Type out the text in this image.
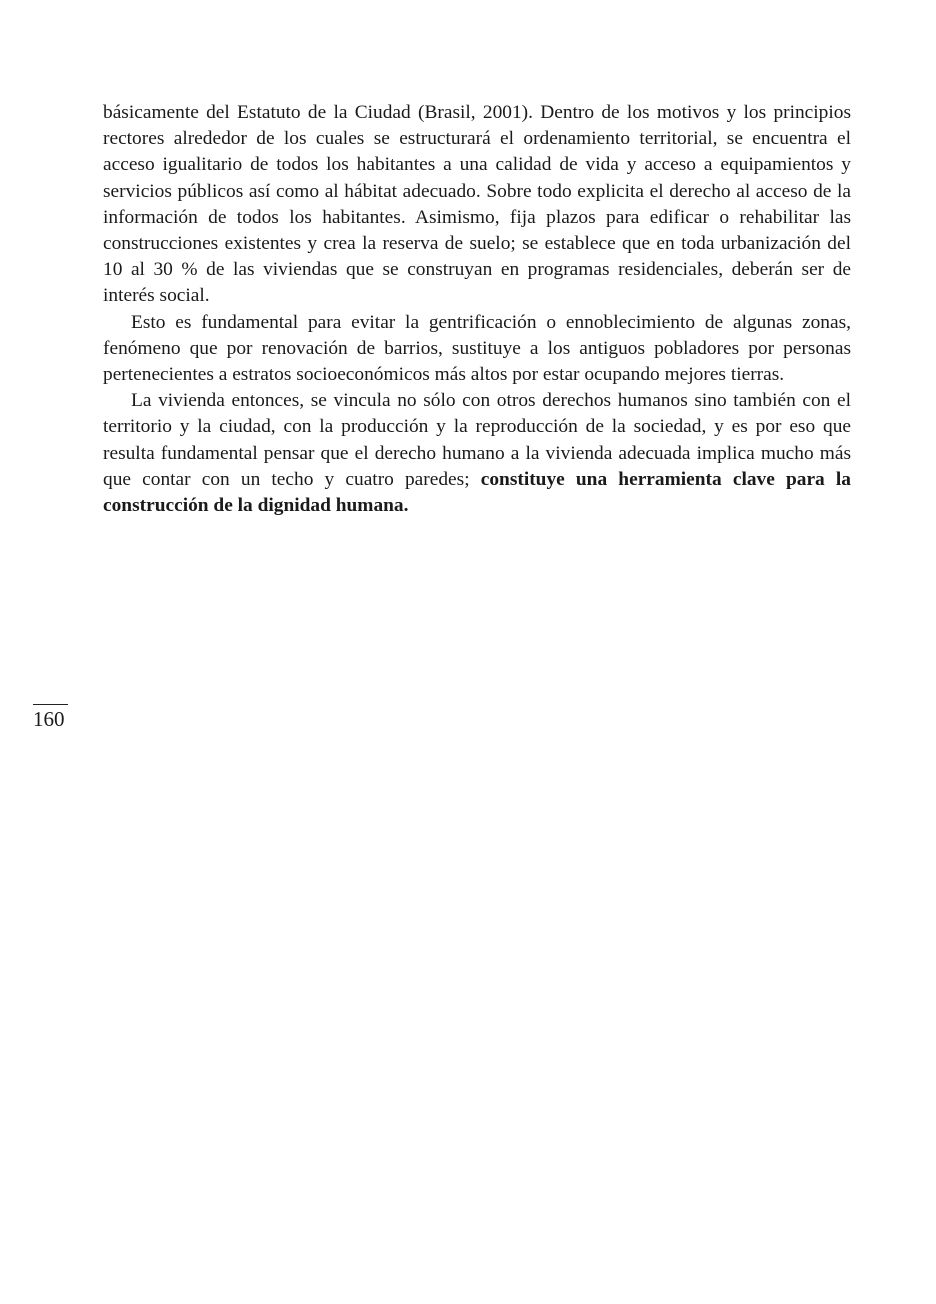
básicamente del Estatuto de la Ciudad (Brasil, 2001). Dentro de los motivos y los principios rectores alrededor de los cuales se estructurará el ordenamiento territorial, se encuentra el acceso igualitario de todos los habitantes a una calidad de vida y acceso a equipamientos y servicios públicos así como al hábitat adecuado. Sobre todo explicita el derecho al acceso de la información de todos los habitantes. Asimismo, fija plazos para edificar o rehabilitar las construcciones existentes y crea la reserva de suelo; se establece que en toda urbanización del 10 al 30 % de las viviendas que se construyan en programas residenciales, deberán ser de interés social.

Esto es fundamental para evitar la gentrificación o ennoblecimiento de algunas zonas, fenómeno que por renovación de barrios, sustituye a los antiguos pobladores por personas pertenecientes a estratos socioeconómicos más altos por estar ocupando mejores tierras.

La vivienda entonces, se vincula no sólo con otros derechos humanos sino también con el territorio y la ciudad, con la producción y la reproducción de la sociedad, y es por eso que resulta fundamental pensar que el derecho humano a la vivienda adecuada implica mucho más que contar con un techo y cuatro paredes; constituye una herramienta clave para la construcción de la dignidad humana.

160
